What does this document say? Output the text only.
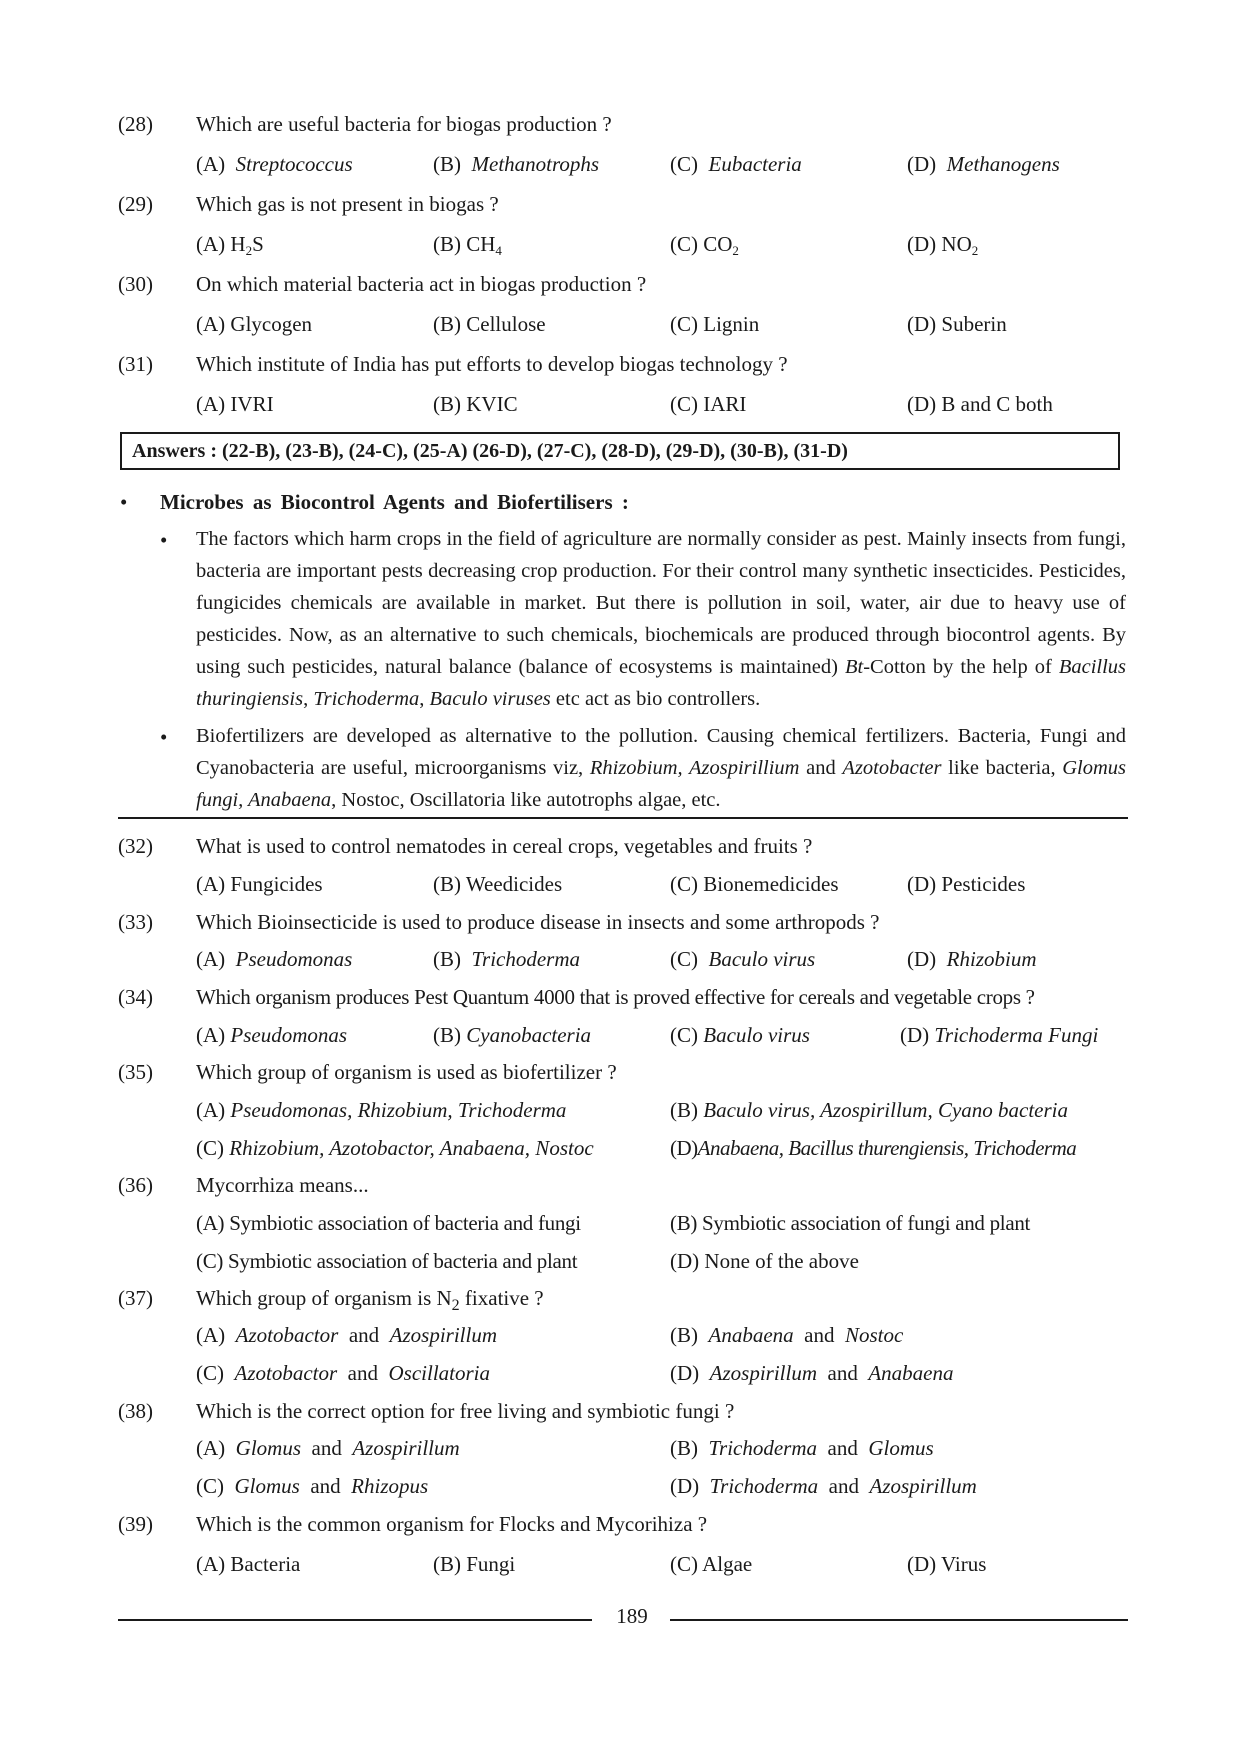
(28) Which are useful bacteria for biogas production ?
(A) Streptococcus	(B) Methanotrophs	(C) Eubacteria	(D) Methanogens
(29) Which gas is not present in biogas ?
(A) $H_2S$	(B) $CH_4$	(C) $CO_2$	(D) $NO_2$
(30) On which material bacteria act in biogas production ?
(A) Glycogen	(B) Cellulose	(C) Lignin	(D) Suberin
(31) Which institute of India has put efforts to develop biogas technology ?
(A) IVRI	(B) KVIC	(C) IARI	(D) B and C both
Answers : (22-B), (23-B), (24-C), (25-A) (26-D), (27-C), (28-D), (29-D), (30-B), (31-D)
• Microbes as Biocontrol Agents and Biofertilisers :
• The factors which harm crops in the field of agriculture are normally consider as pest. Mainly insects from fungi, bacteria are important pests decreasing crop production. For their control many synthetic insecticides. Pesticides, fungicides chemicals are available in market. But there is pollution in soil, water, air due to heavy use of pesticides. Now, as an alternative to such chemicals, biochemicals are produced through biocontrol agents. By using such pesticides, natural balance (balance of ecosystems is maintained) Bt-Cotton by the help of Bacillus thuringiensis, Trichoderma, Baculo viruses etc act as bio controllers.
• Biofertilizers are developed as alternative to the pollution. Causing chemical fertilizers. Bacteria, Fungi and Cyanobacteria are useful, microorganisms viz, Rhizobium, Azospirillium and Azotobacter like bacteria, Glomus fungi, Anabaena, Nostoc, Oscillatoria like autotrophs algae, etc.
(32) What is used to control nematodes in cereal crops, vegetables and fruits ?
(A) Fungicides	(B) Weedicides	(C) Bionemedicides	(D) Pesticides
(33) Which Bioinsecticide is used to produce disease in insects and some arthropods ?
(A) Pseudomonas	(B) Trichoderma	(C) Baculo virus	(D) Rhizobium
(34) Which organism produces Pest Quantum 4000 that is proved effective for cereals and vegetable crops ?
(A) Pseudomonas	(B) Cyanobacteria	(C) Baculo virus	(D) Trichoderma Fungi
(35) Which group of organism is used as biofertilizer ?
(A) Pseudomonas, Rhizobium, Trichoderma	(B) Baculo virus, Azospirillum, Cyano bacteria
(C) Rhizobium, Azotobactor, Anabaena, Nostoc	(D)Anabaena, Bacillus thurengiensis, Trichoderma
(36) Mycorrhiza means...
(A) Symbiotic association of bacteria and fungi	(B) Symbiotic association of fungi and plant
(C) Symbiotic association of bacteria and plant	(D) None of the above
(37) Which group of organism is $N_2$ fixative ?
(A) Azotobactor and Azospirillum	(B) Anabaena and Nostoc
(C) Azotobactor and Oscillatoria	(D) Azospirillum and Anabaena
(38) Which is the correct option for free living and symbiotic fungi ?
(A) Glomus and Azospirillum	(B) Trichoderma and Glomus
(C) Glomus and Rhizopus	(D) Trichoderma and Azospirillum
(39) Which is the common organism for Flocks and Mycorihiza ?
(A) Bacteria	(B) Fungi	(C) Algae	(D) Virus
189
